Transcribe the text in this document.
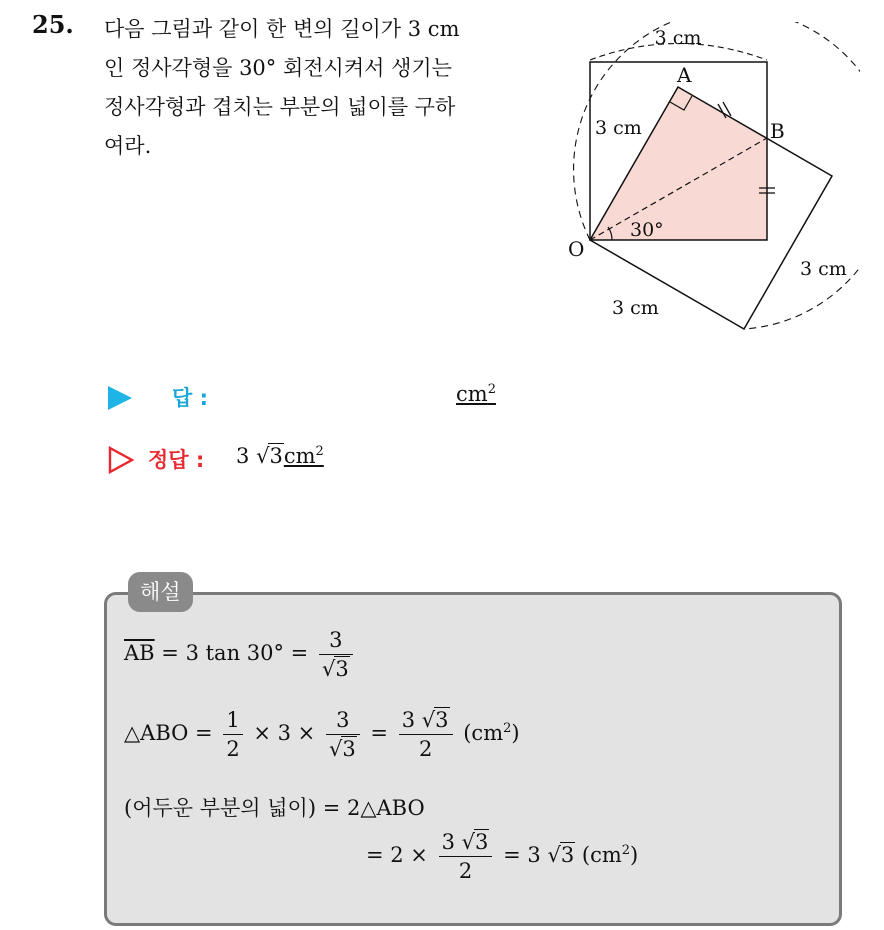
25. 다음 그림과 같이 한 변의 길이가 3 cm
인 정사각형을 30° 회전시켜서 생기는
정사각형과 겹치는 부분의 넓이를 구하
여라.
3 cm
3 cm
3 cm
3 cm
A
B
O
30°
답 :	$cm^2$
정답 : 3 $√3cm^2$
해설
$\overline{AB} = 3$ $\tan 30^\circ = \frac{3}{√3}$
△ABO = $\frac{1}{2} \times 3 \times \frac{3}{√3} = \frac{3 √3}{2} (cm^2)$
(어두운 부분의 넓이) = 2△ABO
= $2 \times \frac{3 √3}{2} = 3$ √3 $(cm^2)$
